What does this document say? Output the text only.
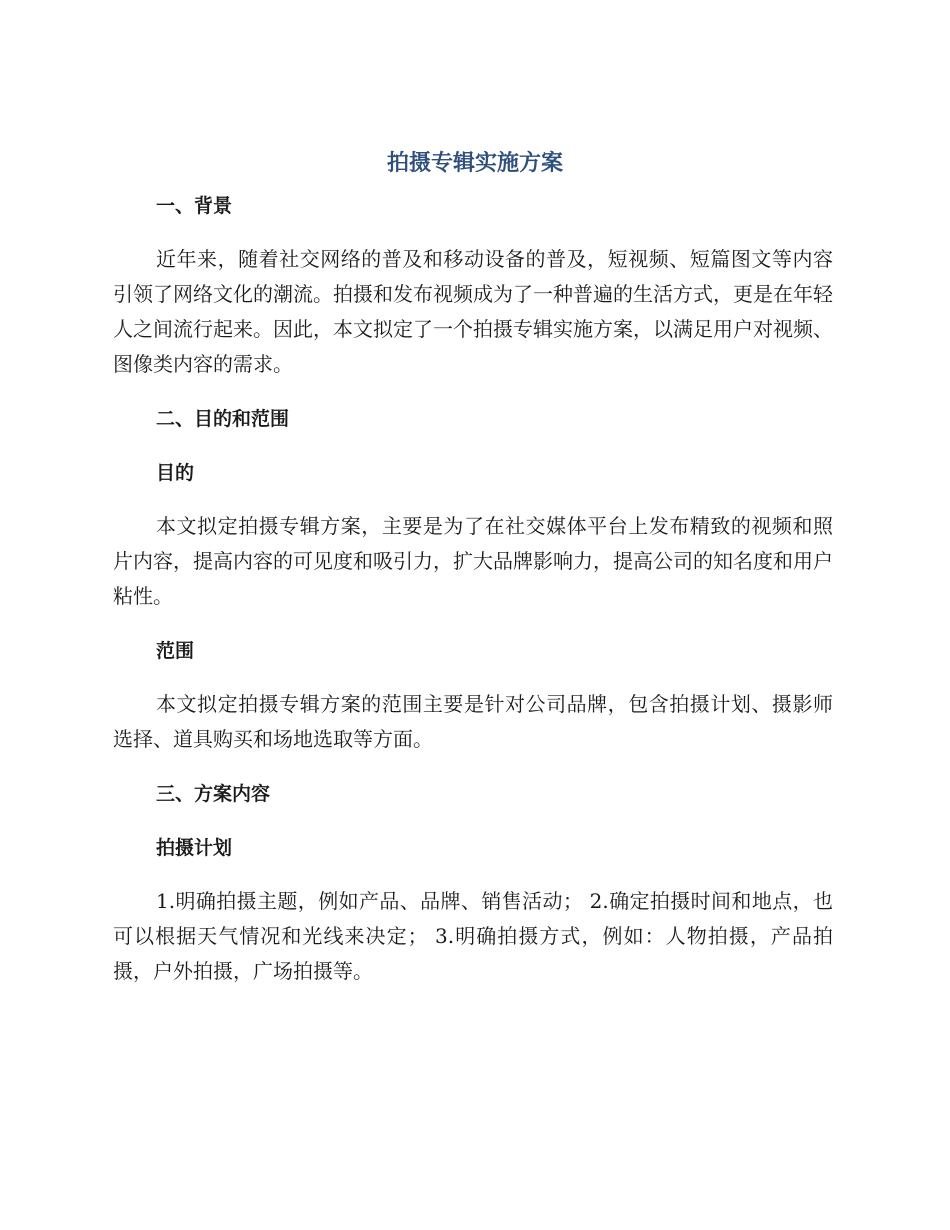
拍摄专辑实施方案
一、背景

近年来，随着社交网络的普及和移动设备的普及，短视频、短篇图文等内容引领了网络文化的潮流。拍摄和发布视频成为了一种普遍的生活方式，更是在年轻人之间流行起来。因此，本文拟定了一个拍摄专辑实施方案，以满足用户对视频、图像类内容的需求。

二、目的和范围
目的

本文拟定拍摄专辑方案，主要是为了在社交媒体平台上发布精致的视频和照片内容，提高内容的可见度和吸引力，扩大品牌影响力，提高公司的知名度和用户粘性。

范围

本文拟定拍摄专辑方案的范围主要是针对公司品牌，包含拍摄计划、摄影师选择、道具购买和场地选取等方面。

三、方案内容
拍摄计划

1.明确拍摄主题，例如产品、品牌、销售活动； 2.确定拍摄时间和地点，也可以根据天气情况和光线来决定； 3.明确拍摄方式，例如：人物拍摄，产品拍摄，户外拍摄，广场拍摄等。
